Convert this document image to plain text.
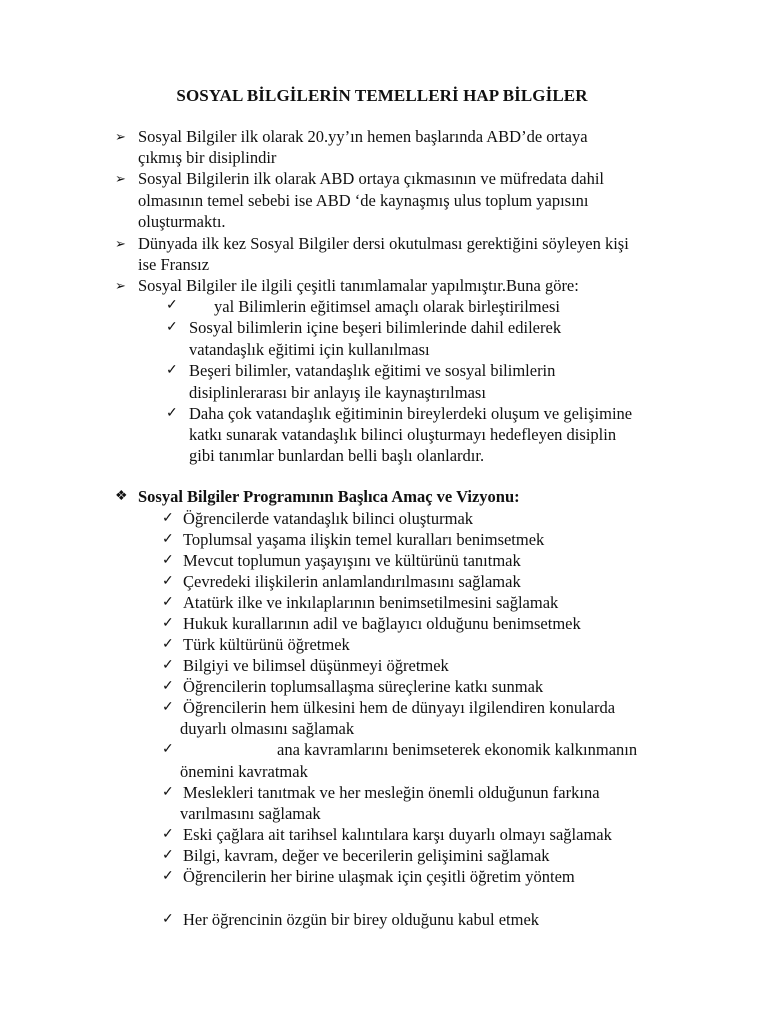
SOSYAL BİLGİLERİN TEMELLERİ HAP BİLGİLER
➢ Sosyal Bilgiler ilk olarak 20.yy’ın hemen başlarında ABD’de ortaya
çıkmış bir disiplindir
➢ Sosyal Bilgilerin ilk olarak ABD ortaya çıkmasının ve müfredata dahil
olmasının temel sebebi ise ABD ‘de kaynaşmış ulus toplum yapısını
oluşturmaktı.
➢ Dünyada ilk kez Sosyal Bilgiler dersi okutulması gerektiğini söyleyen kişi
ise Fransız
➢ Sosyal Bilgiler ile ilgili çeşitli tanımlamalar yapılmıştır.Buna göre:
✓ yal Bilimlerin eğitimsel amaçlı olarak birleştirilmesi
✓ Sosyal bilimlerin içine beşeri bilimlerinde dahil edilerek
vatandaşlık eğitimi için kullanılması
✓ Beşeri bilimler, vatandaşlık eğitimi ve sosyal bilimlerin
disiplinlerarası bir anlayış ile kaynaştırılması
✓ Daha çok vatandaşlık eğitiminin bireylerdeki oluşum ve gelişimine
katkı sunarak vatandaşlık bilinci oluşturmayı hedefleyen disiplin
gibi tanımlar bunlardan belli başlı olanlardır.
❖ Sosyal Bilgiler Programının Başlıca Amaç ve Vizyonu:
✓ Öğrencilerde vatandaşlık bilinci oluşturmak
✓ Toplumsal yaşama ilişkin temel kuralları benimsetmek
✓ Mevcut toplumun yaşayışını ve kültürünü tanıtmak
✓ Çevredeki ilişkilerin anlamlandırılmasını sağlamak
✓ Atatürk ilke ve inkılaplarının benimsetilmesini sağlamak
✓ Hukuk kurallarının adil ve bağlayıcı olduğunu benimsetmek
✓ Türk kültürünü öğretmek
✓ Bilgiyi ve bilimsel düşünmeyi öğretmek
✓ Öğrencilerin toplumsallaşma süreçlerine katkı sunmak
✓ Öğrencilerin hem ülkesini hem de dünyayı ilgilendiren konularda
duyarlı olmasını sağlamak
✓	ana kavramlarını benimseterek ekonomik kalkınmanın
önemini kavratmak
✓ Meslekleri tanıtmak ve her mesleğin önemli olduğunun farkına
varılmasını sağlamak
✓ Eski çağlara ait tarihsel kalıntılara karşı duyarlı olmayı sağlamak
✓ Bilgi, kavram, değer ve becerilerin gelişimini sağlamak
✓ Öğrencilerin her birine ulaşmak için çeşitli öğretim yöntem
✓ Her öğrencinin özgün bir birey olduğunu kabul etmek
